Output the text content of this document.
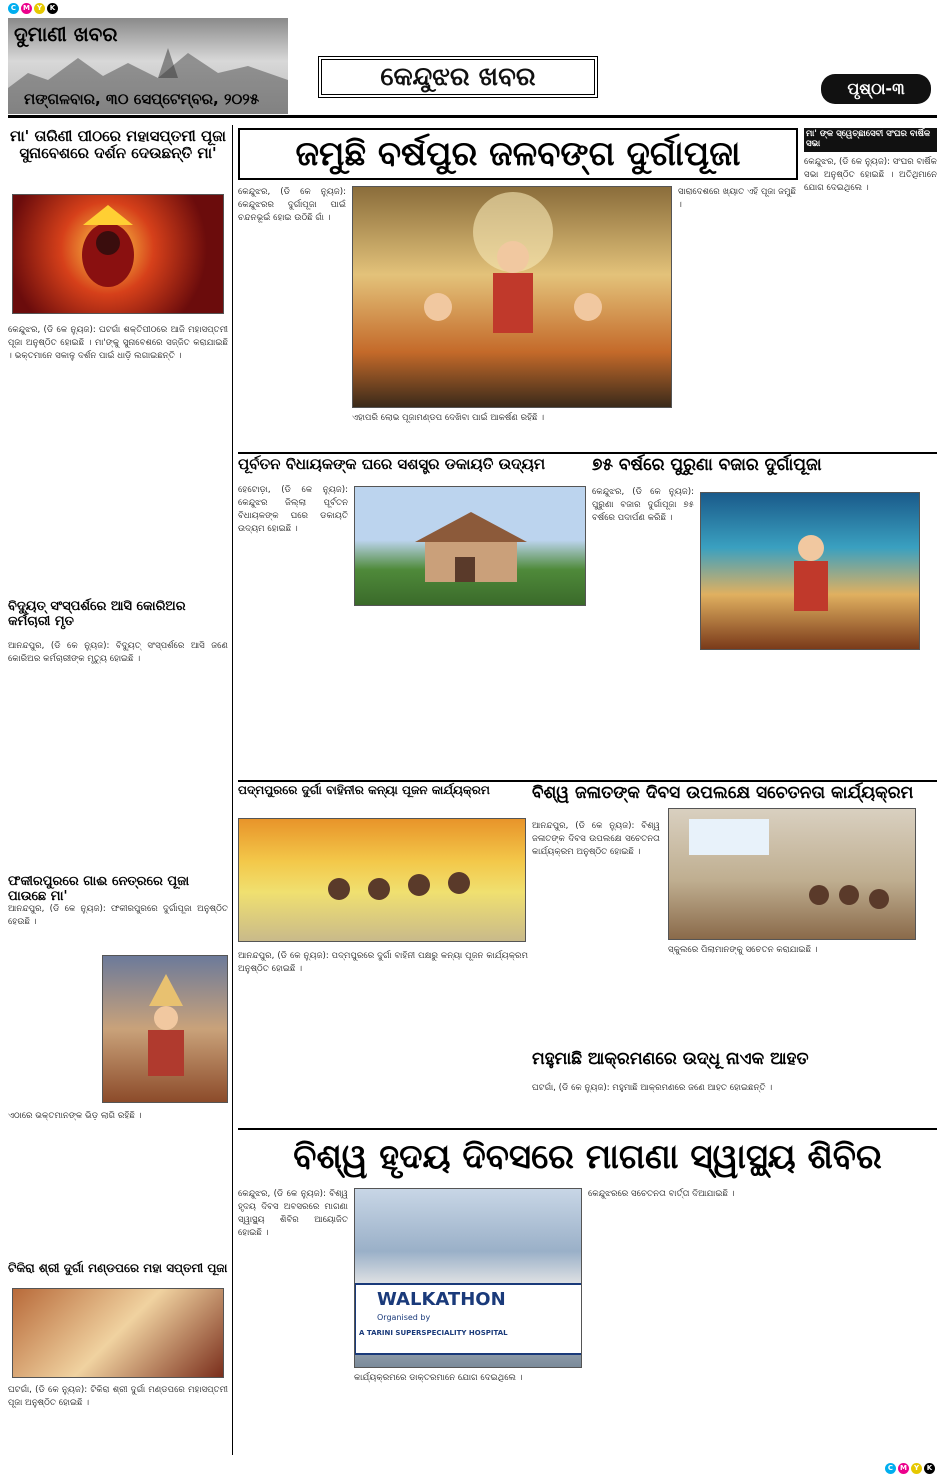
C M Y	K
C M Y	K
ଦୁମାଣୀ ଖବର
ମଙ୍ଗଳବାର, ୩୦ ସେପ୍ଟେମ୍ବର, ୨୦୨୫
କେନ୍ଦୁଝର ଖବର	ପୃଷ୍ଠା-୩
ମା' ତାରିଣୀ ପୀଠରେ ମହାସପ୍ତମୀ ପୂଜା ସୁନାବେଶରେ ଦର୍ଶନ ଦେଉଛନ୍ତି ମା'
କେନ୍ଦୁଝର, (ଡି କେ ନ୍ୟୁଜ): ଘଟଗାଁ ଶକ୍ତିପୀଠରେ ଆଜି ମହାସପ୍ତମୀ ପୂଜା ଅନୁଷ୍ଠିତ ହୋଇଛି । ମା'ଙ୍କୁ ସୁନାବେଶରେ ସଜ୍ଜିତ କରାଯାଇଛି । ଭକ୍ତମାନେ ସକାଳୁ ଦର୍ଶନ ପାଇଁ ଧାଡ଼ି ଲଗାଇଛନ୍ତି ।
ବିଦ୍ୟୁତ୍ ସଂସ୍ପର୍ଶରେ ଆସି କୋରିଅର କର୍ମଚାରୀ ମୃତ
ଆନନ୍ଦପୁର, (ଡି କେ ନ୍ୟୁଜ): ବିଦ୍ୟୁତ୍ ସଂସ୍ପର୍ଶରେ ଆସି ଜଣେ କୋରିଅର କର୍ମଚାରୀଙ୍କ ମୃତ୍ୟୁ ହୋଇଛି ।
ଫକୀରପୁରରେ ଗାଈ ନେତ୍ରରେ ପୂଜା ପାଉଛେ ମା'
ଆନନ୍ଦପୁର, (ଡି କେ ନ୍ୟୁଜ): ଫକୀରପୁରରେ ଦୁର୍ଗାପୂଜା ଅନୁଷ୍ଠିତ ହେଉଛି ।
ଏଠାରେ ଭକ୍ତମାନଙ୍କ ଭିଡ଼ ଲାଗି ରହିଛି ।
ଟିକିରା ଶ୍ରୀ ଦୁର୍ଗା ମଣ୍ଡପରେ ମହା ସପ୍ତମୀ ପୂଜା
ଘଟଗାଁ, (ଡି କେ ନ୍ୟୁଜ): ଟିକିରା ଶ୍ରୀ ଦୁର୍ଗା ମଣ୍ଡପରେ ମହାସପ୍ତମୀ ପୂଜା ଅନୁଷ୍ଠିତ ହୋଇଛି ।
ଜମୁଛି ବର୍ଷପୁର ଜଳବଙ୍ଗ ଦୁର୍ଗାପୂଜା
କେନ୍ଦୁଝର, (ଡି କେ ନ୍ୟୁଜ): କେନ୍ଦୁଝରର ଦୁର୍ଗାପୂଜା ପାଇଁ ଚନ୍ଦନଭୂଇଁ ହୋଇ ଉଠିଛି ଗାଁ ।
ଏହାପରି ଲୋଭ ପୂଜାମଣ୍ଡପ ଦେଖିବା ପାଇଁ ଆକର୍ଷଣ ରହିଛି ।
ସାରାଦେଶରେ ଖ୍ୟାତ ଏହି ପୂଜା ଜମୁଛି ।
ମା' ଙ୍କ ସ୍ୱେଚ୍ଛାସେବୀ ସଂଘର ବାର୍ଷିକ ସଭା
କେନ୍ଦୁଝର, (ଡି କେ ନ୍ୟୁଜ): ସଂଘର ବାର୍ଷିକ ସଭା ଅନୁଷ୍ଠିତ ହୋଇଛି । ଅତିଥିମାନେ ଯୋଗ ଦେଇଥିଲେ ।
ପୂର୍ବତନ ବିଧାୟକଙ୍କ ଘରେ ସଶସ୍ତ୍ର ଡକାୟତି ଉଦ୍ୟମ
ହେଟୋଡ଼ା, (ଡି କେ ନ୍ୟୁଜ): କେନ୍ଦୁଝର ଜିଲ୍ଲା ପୂର୍ବତନ ବିଧାୟକଙ୍କ ଘରେ ଡକାୟତି ଉଦ୍ୟମ ହୋଇଛି ।
୭୫ ବର୍ଷରେ ପୁରୁଣା ବଜାର ଦୁର୍ଗାପୂଜା
କେନ୍ଦୁଝର, (ଡି କେ ନ୍ୟୁଜ): ପୁରୁଣା ବଜାର ଦୁର୍ଗାପୂଜା ୭୫ ବର୍ଷରେ ପଦାର୍ପଣ କରିଛି ।
ପଦ୍ମପୁରରେ ଦୁର୍ଗା ବାହିନୀର କନ୍ୟା ପୂଜନ କାର୍ଯ୍ୟକ୍ରମ
ଆନନ୍ଦପୁର, (ଡି କେ ନ୍ୟୁଜ): ପଦ୍ମପୁରରେ ଦୁର୍ଗା ବାହିନୀ ପକ୍ଷରୁ କନ୍ୟା ପୂଜନ କାର୍ଯ୍ୟକ୍ରମ ଅନୁଷ୍ଠିତ ହୋଇଛି ।
ବିଶ୍ୱ ଜଳାତଙ୍କ ଦିବସ ଉପଲକ୍ଷେ ସଚେତନତା କାର୍ଯ୍ୟକ୍ରମ
ଆନନ୍ଦପୁର, (ଡି କେ ନ୍ୟୁଜ): ବିଶ୍ୱ ଜଳାତଙ୍କ ଦିବସ ଉପଲକ୍ଷେ ସଚେତନତା କାର୍ଯ୍ୟକ୍ରମ ଅନୁଷ୍ଠିତ ହୋଇଛି ।
ସ୍କୁଲରେ ପିଲାମାନଙ୍କୁ ସଚେତନ କରାଯାଇଛି ।
ମହୁମାଛି ଆକ୍ରମଣରେ ଉଦ୍ଧୂ ନାଏକ ଆହତ
ଘଟଗାଁ, (ଡି କେ ନ୍ୟୁଜ): ମହୁମାଛି ଆକ୍ରମଣରେ ଜଣେ ଆହତ ହୋଇଛନ୍ତି ।
ବିଶ୍ୱ ହୃଦୟ ଦିବସରେ ମାଗଣା ସ୍ୱାସ୍ଥ୍ୟ ଶିବିର
କେନ୍ଦୁଝର, (ଡି କେ ନ୍ୟୁଜ): ବିଶ୍ୱ ହୃଦୟ ଦିବସ ଅବସରରେ ମାଗଣା ସ୍ୱାସ୍ଥ୍ୟ ଶିବିର ଆୟୋଜିତ ହୋଇଛି ।
WALKATHON
Organised by
A TARINI SUPERSPECIALITY HOSPITAL
କାର୍ଯ୍ୟକ୍ରମରେ ଡାକ୍ତରମାନେ ଯୋଗ ଦେଇଥିଲେ ।
କେନ୍ଦୁଝରରେ ସଚେତନତା ବାର୍ତ୍ତା ଦିଆଯାଇଛି ।
